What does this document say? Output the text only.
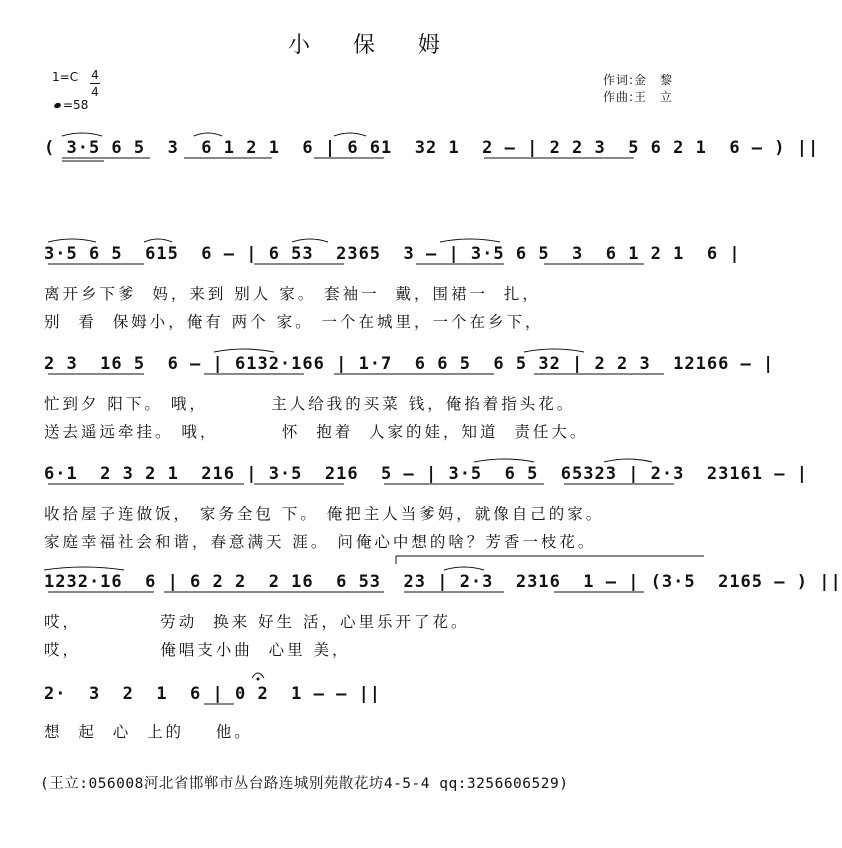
小 保 姆
1=C 4
4
=58
作词:金　黎
作曲:王　立
( 3·5 6 5  3  6 1 2 1  6 | 6 61  32 1  2 – | 2 2 3  5 6 2 1  6 – ) ||
3·5 6 5  615  6 – | 6 53  2365  3 – | 3·5 6 5  3  6 1 2 1  6 |
离开乡下爹  妈，来到 别人 家。 套袖一  戴，围裙一  扎，
别  看  保姆小，俺有 两个 家。 一个在城里，一个在乡下，
2 3  16 5  6 – | 6132·166 | 1·7  6 6 5  6 5 32 | 2 2 3  12166 – |
忙到夕 阳下。 哦，        主人给我的买菜 钱，俺掐着指头花。
送去遥远牵挂。 哦，        怀  抱着  人家的娃，知道  责任大。
6·1  2 3 2 1  216 | 3·5  216  5 – | 3·5  6 5  65323 | 2·3  23161 – |
收拾屋子连做饭， 家务全包 下。 俺把主人当爹妈，就像自己的家。
家庭幸福社会和谐，春意满天 涯。 问俺心中想的啥？芳香一枝花。
1232·16  6 | 6 2 2  2 16  6 53  23 | 2·3  2316  1 – | (3·5  2165 – ) ||
哎，          劳动  换来 好生 活，心里乐开了花。
哎，          俺唱支小曲  心里 美，
2·  3  2  1  6 | 0 2  1 – – ||
想  起  心  上的    他。
(王立:056008河北省邯郸市丛台路连城别苑散花坊4-5-4 qq:3256606529)
